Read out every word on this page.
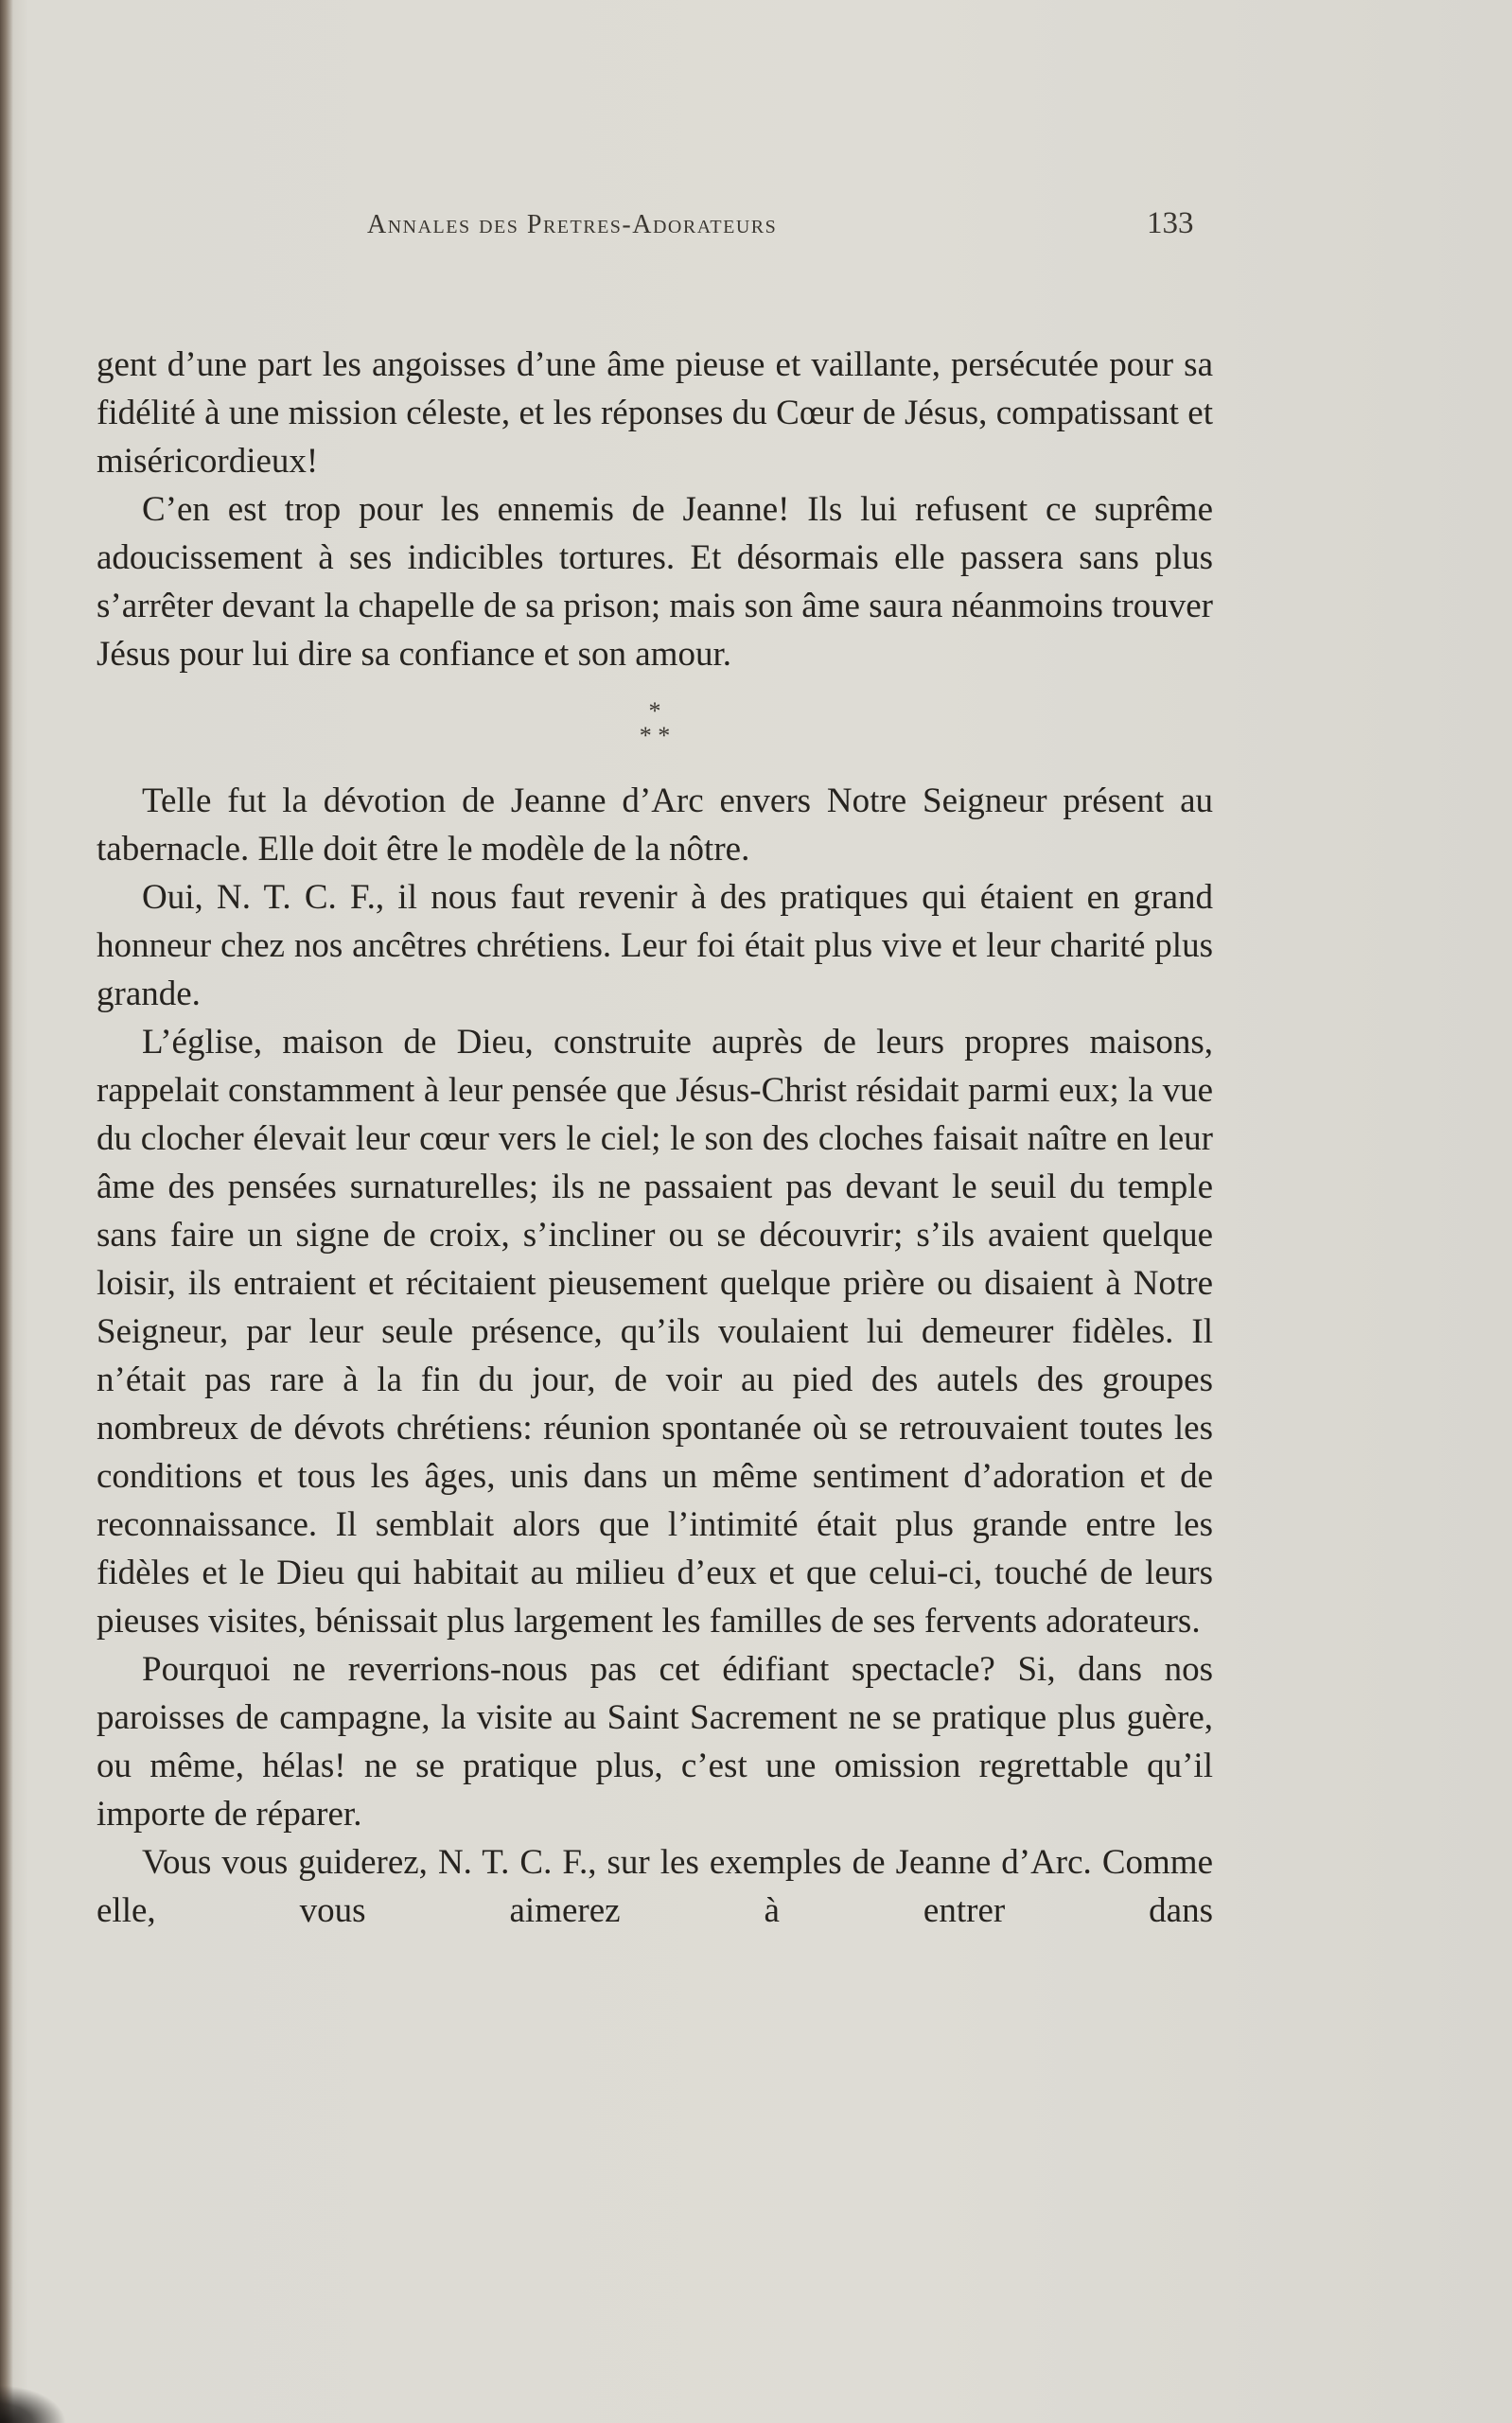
Annales des Pretres-Adorateurs	133

gent d’une part les angoisses d’une âme pieuse et vaillante, persécutée pour sa fidélité à une mission céleste, et les réponses du Cœur de Jésus, compatissant et miséricordieux!

C’en est trop pour les ennemis de Jeanne! Ils lui refusent ce suprême adoucissement à ses indicibles tortures. Et désormais elle passera sans plus s’arrêter devant la chapelle de sa prison; mais son âme saura néanmoins trouver Jésus pour lui dire sa confiance et son amour.

*
* *

Telle fut la dévotion de Jeanne d’Arc envers Notre Seigneur présent au tabernacle. Elle doit être le modèle de la nôtre.

Oui, N. T. C. F., il nous faut revenir à des pratiques qui étaient en grand honneur chez nos ancêtres chrétiens. Leur foi était plus vive et leur charité plus grande.

L’église, maison de Dieu, construite auprès de leurs propres maisons, rappelait constamment à leur pensée que Jésus-Christ résidait parmi eux; la vue du clocher élevait leur cœur vers le ciel; le son des cloches faisait naître en leur âme des pensées surnaturelles; ils ne passaient pas devant le seuil du temple sans faire un signe de croix, s’incliner ou se découvrir; s’ils avaient quelque loisir, ils entraient et récitaient pieusement quelque prière ou disaient à Notre Seigneur, par leur seule présence, qu’ils voulaient lui demeurer fidèles. Il n’était pas rare à la fin du jour, de voir au pied des autels des groupes nombreux de dévots chrétiens: réunion spontanée où se retrouvaient toutes les conditions et tous les âges, unis dans un même sentiment d’adoration et de reconnaissance. Il semblait alors que l’intimité était plus grande entre les fidèles et le Dieu qui habitait au milieu d’eux et que celui-ci, touché de leurs pieuses visites, bénissait plus largement les familles de ses fervents adorateurs.

Pourquoi ne reverrions-nous pas cet édifiant spectacle? Si, dans nos paroisses de campagne, la visite au Saint Sacrement ne se pratique plus guère, ou même, hélas! ne se pratique plus, c’est une omission regrettable qu’il importe de réparer.

Vous vous guiderez, N. T. C. F., sur les exemples de Jeanne d’Arc. Comme elle, vous aimerez à entrer dans
